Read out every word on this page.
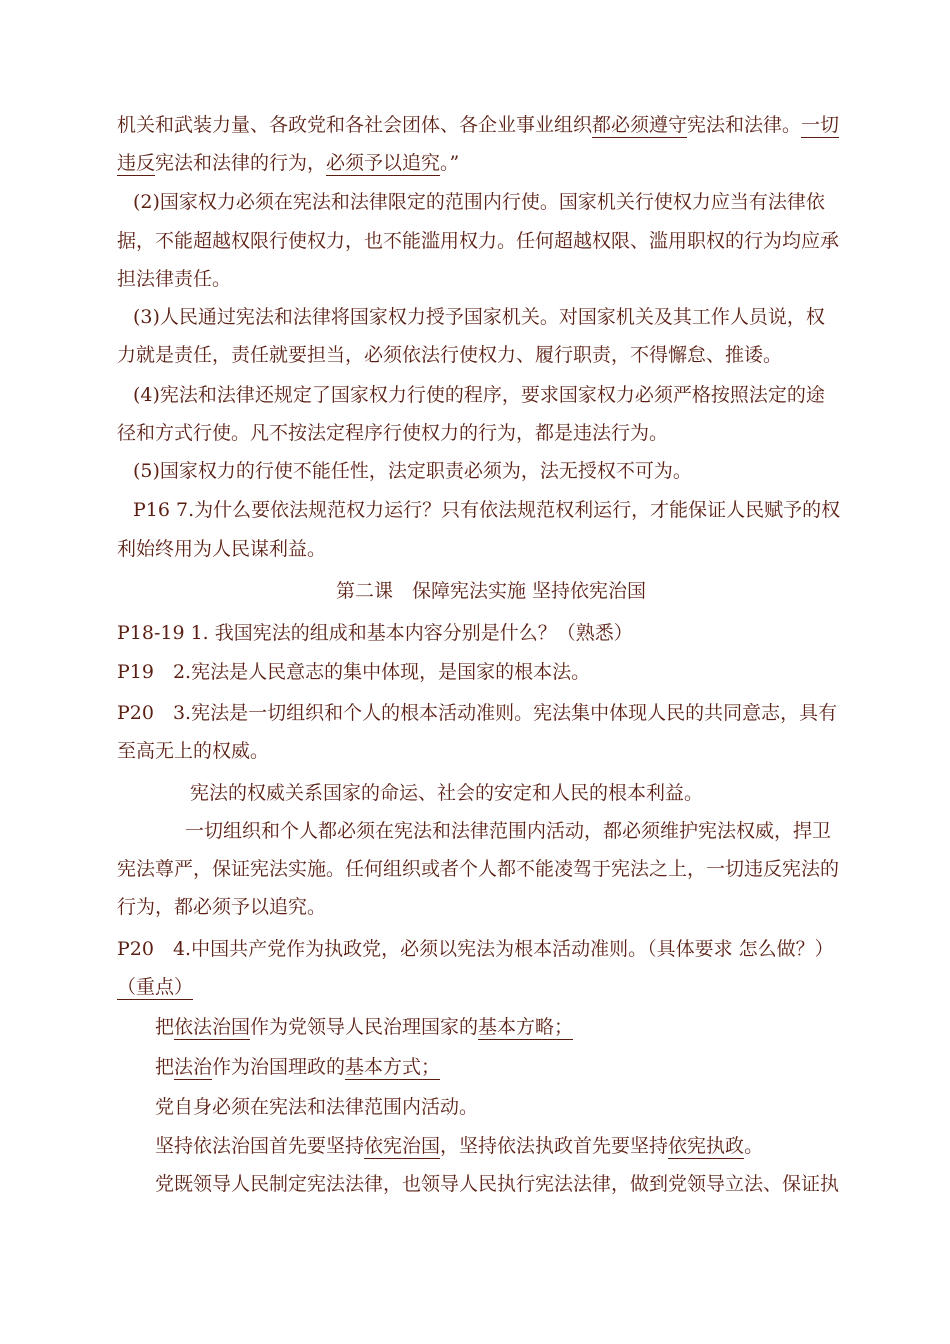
机关和武装力量、各政党和各社会团体、各企业事业组织都必须遵守宪法和法律。一切
违反宪法和法律的行为，必须予以追究。”
(2)国家权力必须在宪法和法律限定的范围内行使。国家机关行使权力应当有法律依
据，不能超越权限行使权力，也不能滥用权力。任何超越权限、滥用职权的行为均应承
担法律责任。
(3)人民通过宪法和法律将国家权力授予国家机关。对国家机关及其工作人员说，权
力就是责任，责任就要担当，必须依法行使权力、履行职责，不得懈怠、推诿。
(4)宪法和法律还规定了国家权力行使的程序，要求国家权力必须严格按照法定的途
径和方式行使。凡不按法定程序行使权力的行为，都是违法行为。
(5)国家权力的行使不能任性，法定职责必须为，法无授权不可为。
P16 7.为什么要依法规范权力运行？只有依法规范权利运行，才能保证人民赋予的权
利始终用为人民谋利益。
第二课　保障宪法实施 坚持依宪治国
P18-19 1. 我国宪法的组成和基本内容分别是什么？（熟悉）
P19　2.宪法是人民意志的集中体现，是国家的根本法。
P20　3.宪法是一切组织和个人的根本活动准则。宪法集中体现人民的共同意志，具有
至高无上的权威。
宪法的权威关系国家的命运、社会的安定和人民的根本利益。
一切组织和个人都必须在宪法和法律范围内活动，都必须维护宪法权威，捍卫
宪法尊严，保证宪法实施。任何组织或者个人都不能凌驾于宪法之上，一切违反宪法的
行为，都必须予以追究。
P20　4.中国共产党作为执政党，必须以宪法为根本活动准则。（具体要求 怎么做？）
（重点）
把依法治国作为党领导人民治理国家的基本方略；
把法治作为治国理政的基本方式；
党自身必须在宪法和法律范围内活动。
坚持依法治国首先要坚持依宪治国，坚持依法执政首先要坚持依宪执政。
党既领导人民制定宪法法律，也领导人民执行宪法法律，做到党领导立法、保证执
